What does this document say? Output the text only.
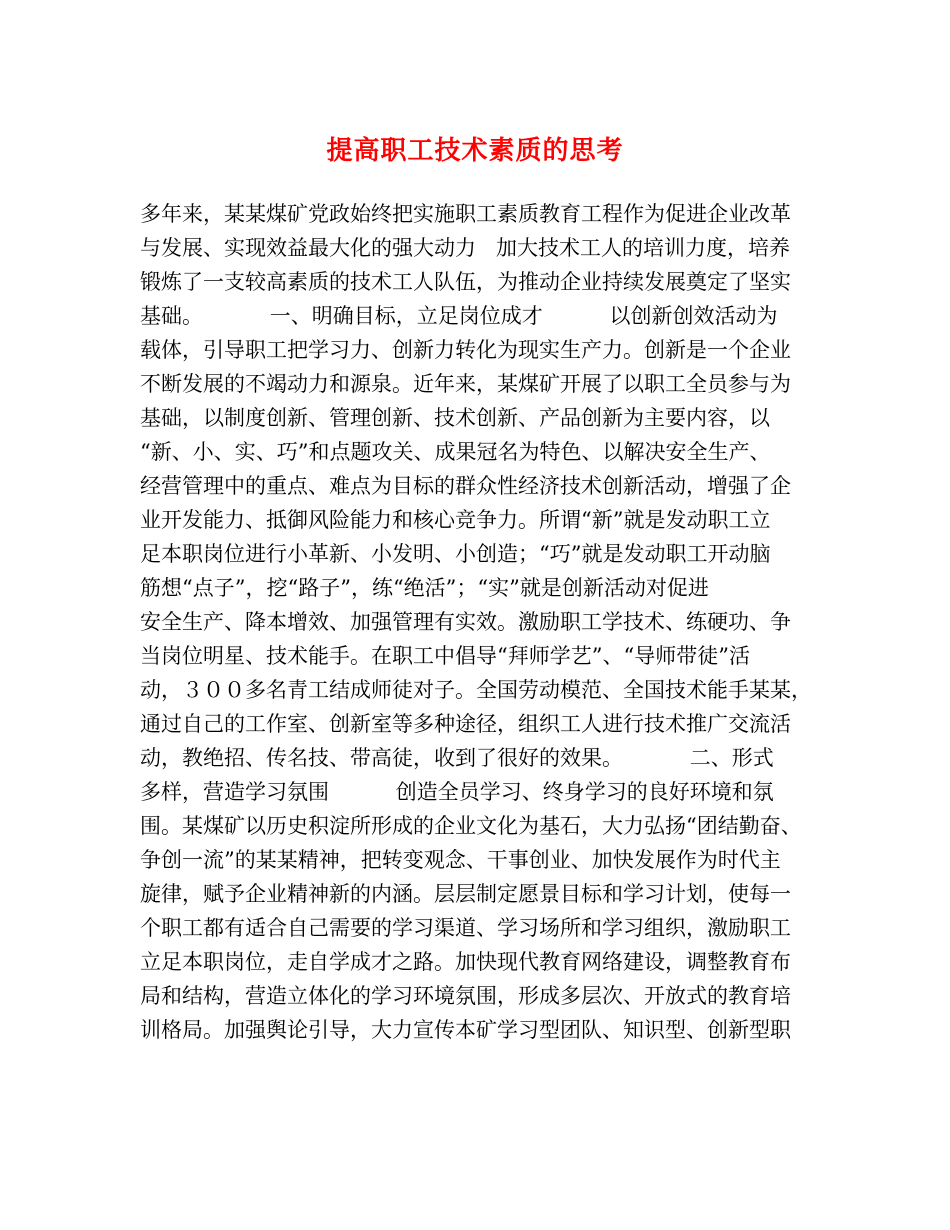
提高职工技术素质的思考
多年来，某某煤矿党政始终把实施职工素质教育工程作为促进企业改革
与发展、实现效益最大化的强大动力   加大技术工人的培训力度，培养
锻炼了一支较高素质的技术工人队伍，为推动企业持续发展奠定了坚实
基础。          一、明确目标，立足岗位成才          以创新创效活动为
载体，引导职工把学习力、创新力转化为现实生产力。创新是一个企业
不断发展的不竭动力和源泉。近年来，某煤矿开展了以职工全员参与为
基础，以制度创新、管理创新、技术创新、产品创新为主要内容，以
“新、小、实、巧”和点题攻关、成果冠名为特色、以解决安全生产、
经营管理中的重点、难点为目标的群众性经济技术创新活动，增强了企
业开发能力、抵御风险能力和核心竞争力。所谓“新”就是发动职工立
足本职岗位进行小革新、小发明、小创造；“巧”就是发动职工开动脑
筋想“点子”，挖“路子”，练“绝活”；“实”就是创新活动对促进
安全生产、降本增效、加强管理有实效。激励职工学技术、练硬功、争
当岗位明星、技术能手。在职工中倡导“拜师学艺”、“导师带徒”活
动，３００多名青工结成师徒对子。全国劳动模范、全国技术能手某某，
通过自己的工作室、创新室等多种途径，组织工人进行技术推广交流活
动，教绝招、传名技、带高徒，收到了很好的效果。          二、形式
多样，营造学习氛围          创造全员学习、终身学习的良好环境和氛
围。某煤矿以历史积淀所形成的企业文化为基石，大力弘扬“团结勤奋、
争创一流”的某某精神，把转变观念、干事创业、加快发展作为时代主
旋律，赋予企业精神新的内涵。层层制定愿景目标和学习计划，使每一
个职工都有适合自己需要的学习渠道、学习场所和学习组织，激励职工
立足本职岗位，走自学成才之路。加快现代教育网络建设，调整教育布
局和结构，营造立体化的学习环境氛围，形成多层次、开放式的教育培
训格局。加强舆论引导，大力宣传本矿学习型团队、知识型、创新型职
